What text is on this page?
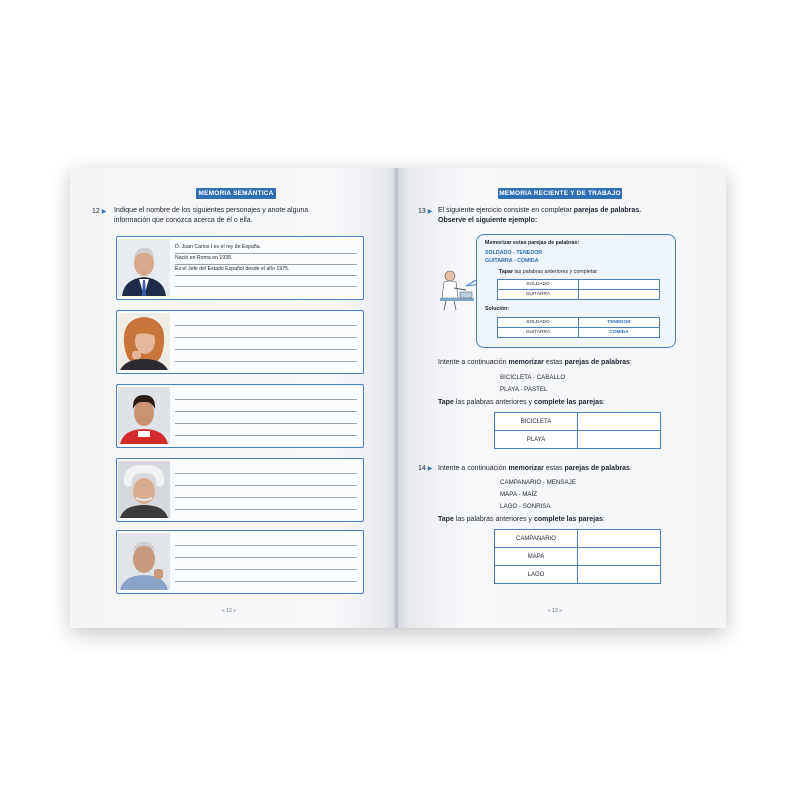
MEMORIA SEMÁNTICA
12 ▶ Indique el nombre de los siguientes personajes y anote alguna
información que conozca acerca de él o ella.
D. Juan Carlos I es el rey de España.
Nació en Roma en 1938.
Es el Jefe del Estado Español desde el año 1975.
« 12 »
MEMORIA RECIENTE Y DE TRABAJO
13 ▶ El siguiente ejercicio consiste en completar parejas de palabras.
Observe el siguiente ejemplo:
Memorizar estas parejas de palabras:
SOLDADO - TENEDOR
GUITARRA - COMIDA
Tapar las palabras anteriores y completar:
SOLDADO	
GUITARRA	
Solución:
SOLDADO	TENEDOR
GUITARRA	COMIDA
Intente a continuación memorizar estas parejas de palabras:
BICICLETA - CABALLO
PLAYA - PASTEL
Tape las palabras anteriores y complete las parejas:
BICICLETA	
PLAYA	
14 ▶ Intente a continuación memorizar estas parejas de palabras.
CAMPANARIO - MENSAJE
MAPA - MAÍZ
LAGO - SONRISA
Tape las palabras anteriores y complete las parejas:
CAMPANARIO	
MAPA	
LAGO	
« 13 »
